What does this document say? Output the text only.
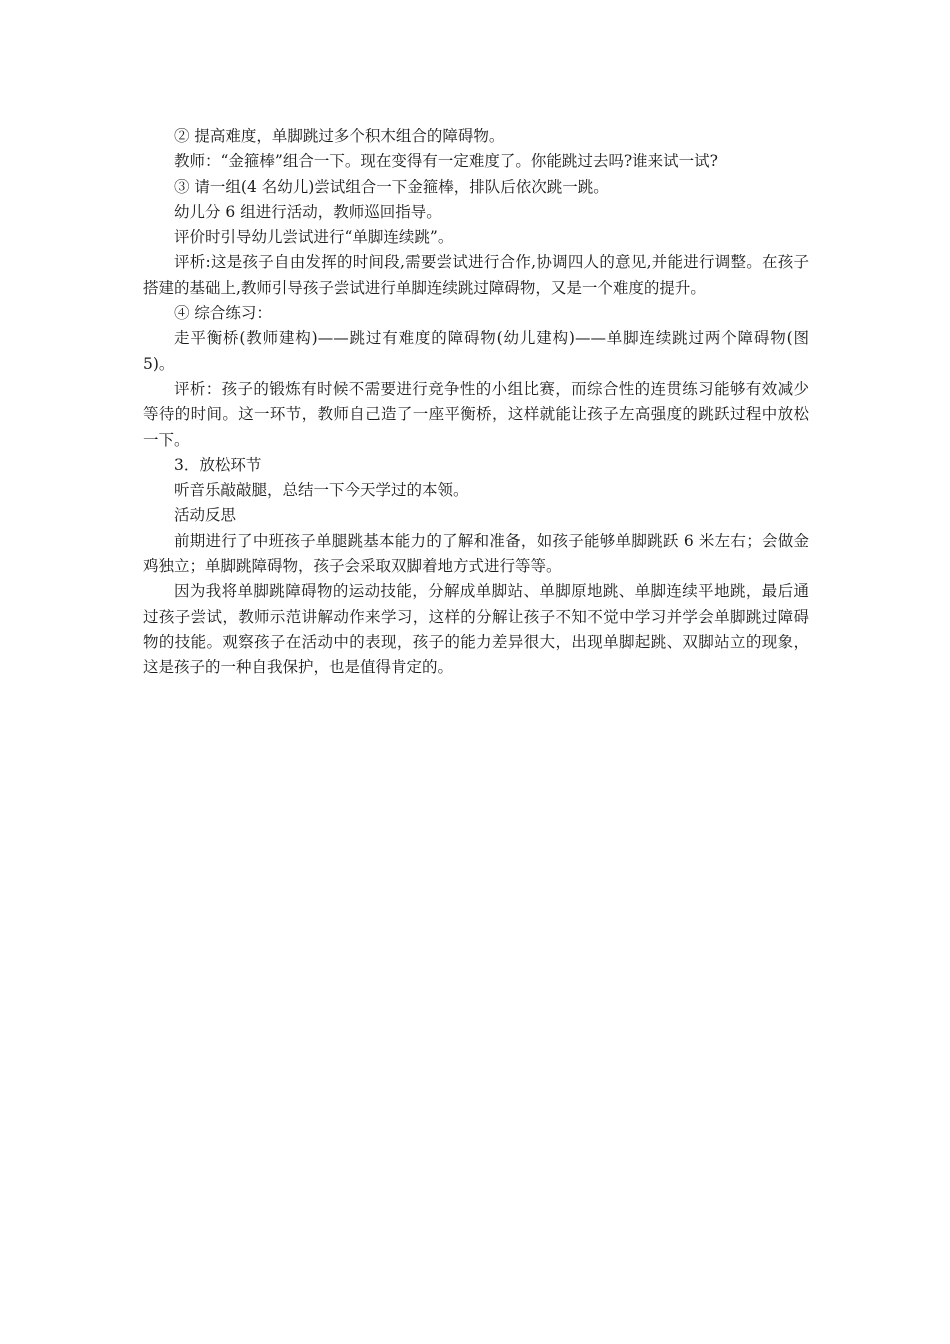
② 提高难度，单脚跳过多个积木组合的障碍物。

教师：“金箍棒”组合一下。现在变得有一定难度了。你能跳过去吗?谁来试一试?

③ 请一组(4 名幼儿)尝试组合一下金箍棒，排队后依次跳一跳。

幼儿分 6 组进行活动，教师巡回指导。

评价时引导幼儿尝试进行“单脚连续跳”。

评析:这是孩子自由发挥的时间段,需要尝试进行合作,协调四人的意见,并能进行调整。在孩子搭建的基础上,教师引导孩子尝试进行单脚连续跳过障碍物，又是一个难度的提升。

④ 综合练习：

走平衡桥(教师建构)——跳过有难度的障碍物(幼儿建构)——单脚连续跳过两个障碍物(图 5)。

评析：孩子的锻炼有时候不需要进行竞争性的小组比赛，而综合性的连贯练习能够有效减少等待的时间。这一环节，教师自己造了一座平衡桥，这样就能让孩子左高强度的跳跃过程中放松一下。

3．放松环节

听音乐敲敲腿，总结一下今天学过的本领。

活动反思

前期进行了中班孩子单腿跳基本能力的了解和准备，如孩子能够单脚跳跃 6 米左右；会做金鸡独立；单脚跳障碍物，孩子会采取双脚着地方式进行等等。

因为我将单脚跳障碍物的运动技能，分解成单脚站、单脚原地跳、单脚连续平地跳，最后通过孩子尝试，教师示范讲解动作来学习，这样的分解让孩子不知不觉中学习并学会单脚跳过障碍物的技能。观察孩子在活动中的表现，孩子的能力差异很大，出现单脚起跳、双脚站立的现象，这是孩子的一种自我保护，也是值得肯定的。
